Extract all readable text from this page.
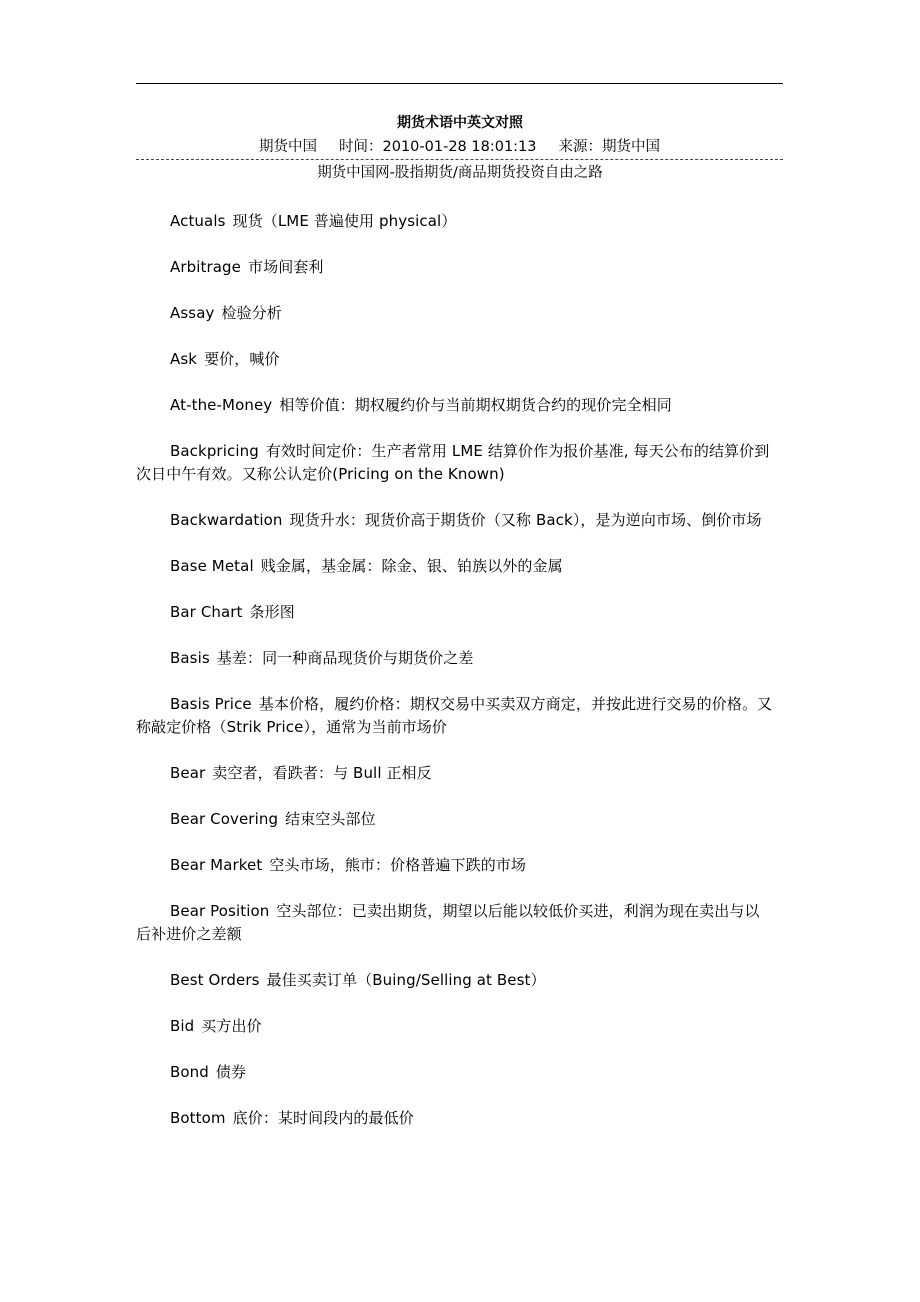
期货术语中英文对照
期货中国 时间：2010-01-28 18:01:13 来源：期货中国
期货中国网-股指期货/商品期货投资自由之路

Actuals 现货（LME 普遍使用 physical）

Arbitrage 市场间套利

Assay 检验分析

Ask 要价，喊价

At-the-Money 相等价值：期权履约价与当前期权期货合约的现价完全相同

Backpricing 有效时间定价：生产者常用 LME 结算价作为报价基准, 每天公布的结算价到次日中午有效。又称公认定价(Pricing on the Known)

Backwardation 现货升水：现货价高于期货价（又称 Back），是为逆向市场、倒价市场

Base Metal 贱金属，基金属：除金、银、铂族以外的金属

Bar Chart 条形图

Basis 基差：同一种商品现货价与期货价之差

Basis Price 基本价格，履约价格：期权交易中买卖双方商定，并按此进行交易的价格。又称敲定价格（Strik Price），通常为当前市场价

Bear 卖空者，看跌者：与 Bull 正相反

Bear Covering 结束空头部位

Bear Market 空头市场，熊市：价格普遍下跌的市场

Bear Position 空头部位：已卖出期货，期望以后能以较低价买进，利润为现在卖出与以后补进价之差额

Best Orders 最佳买卖订单（Buing/Selling at Best）

Bid 买方出价

Bond 债券

Bottom 底价：某时间段内的最低价
